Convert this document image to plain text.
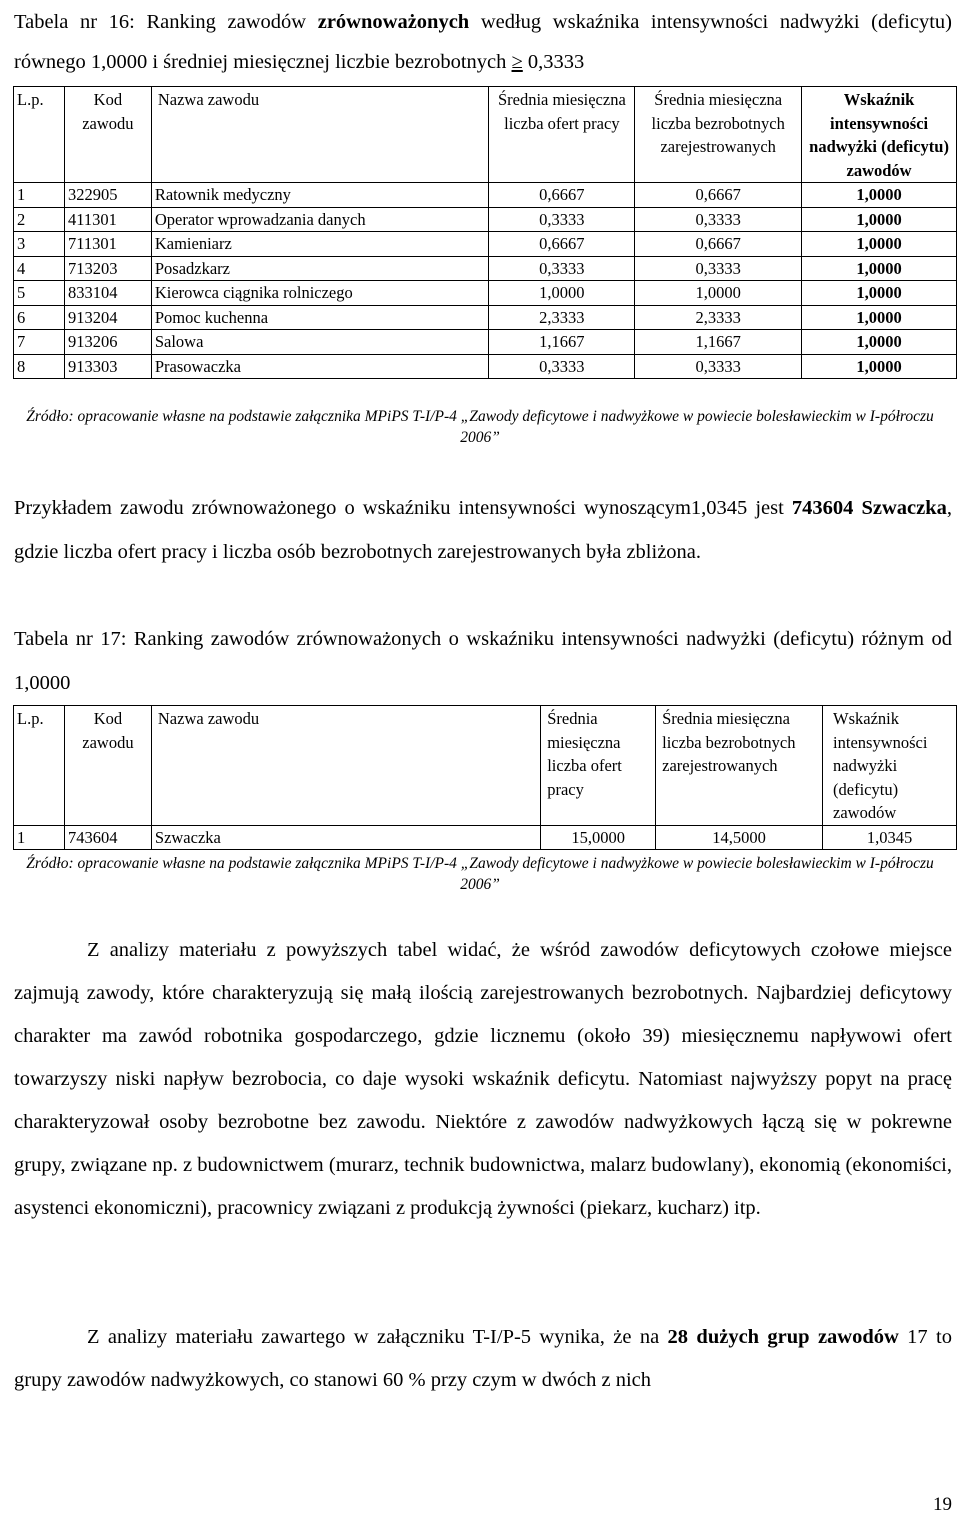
Tabela nr 16: Ranking zawodów zrównoważonych według wskaźnika intensywności nadwyżki (deficytu) równego 1,0000 i średniej miesięcznej liczbie bezrobotnych ≥ 0,3333

L.p.	Kod zawodu	Nazwa zawodu	Średnia miesięczna liczba ofert pracy	Średnia miesięczna liczba bezrobotnych zarejestrowanych	Wskaźnik intensywności nadwyżki (deficytu) zawodów
1	322905	Ratownik medyczny	0,6667	0,6667	1,0000
2	411301	Operator wprowadzania danych	0,3333	0,3333	1,0000
3	711301	Kamieniarz	0,6667	0,6667	1,0000
4	713203	Posadzkarz	0,3333	0,3333	1,0000
5	833104	Kierowca ciągnika rolniczego	1,0000	1,0000	1,0000
6	913204	Pomoc kuchenna	2,3333	2,3333	1,0000
7	913206	Salowa	1,1667	1,1667	1,0000
8	913303	Prasowaczka	0,3333	0,3333	1,0000
Źródło: opracowanie własne na podstawie załącznika MPiPS T-I/P-4 „Zawody deficytowe i nadwyżkowe w powiecie bolesławieckim w I-półroczu 2006”

Przykładem zawodu zrównoważonego o wskaźniku intensywności wynoszącym1,0345 jest 743604 Szwaczka, gdzie liczba ofert pracy i liczba osób bezrobotnych zarejestrowanych była zbliżona.

Tabela nr 17: Ranking zawodów zrównoważonych o wskaźniku intensywności nadwyżki (deficytu) różnym od 1,0000

L.p.	Kod zawodu	Nazwa zawodu	Średnia miesięczna liczba ofert pracy	Średnia miesięczna liczba bezrobotnych zarejestrowanych	Wskaźnik intensywności nadwyżki (deficytu) zawodów
1	743604	Szwaczka	15,0000	14,5000	1,0345
Źródło: opracowanie własne na podstawie załącznika MPiPS T-I/P-4 „Zawody deficytowe i nadwyżkowe w powiecie bolesławieckim w I-półroczu 2006”

Z analizy materiału z powyższych tabel widać, że wśród zawodów deficytowych czołowe miejsce zajmują zawody, które charakteryzują się małą ilością zarejestrowanych bezrobotnych. Najbardziej deficytowy charakter ma zawód robotnika gospodarczego, gdzie licznemu (około 39) miesięcznemu napływowi ofert towarzyszy niski napływ bezrobocia, co daje wysoki wskaźnik deficytu. Natomiast najwyższy popyt na pracę charakteryzował osoby bezrobotne bez zawodu. Niektóre z zawodów nadwyżkowych łączą się w pokrewne grupy, związane np. z budownictwem (murarz, technik budownictwa, malarz budowlany), ekonomią (ekonomiści, asystenci ekonomiczni), pracownicy związani z produkcją żywności (piekarz, kucharz) itp.

Z analizy materiału zawartego w załączniku T-I/P-5 wynika, że na 28 dużych grup zawodów 17 to grupy zawodów nadwyżkowych, co stanowi 60 % przy czym w dwóch z nich

19
